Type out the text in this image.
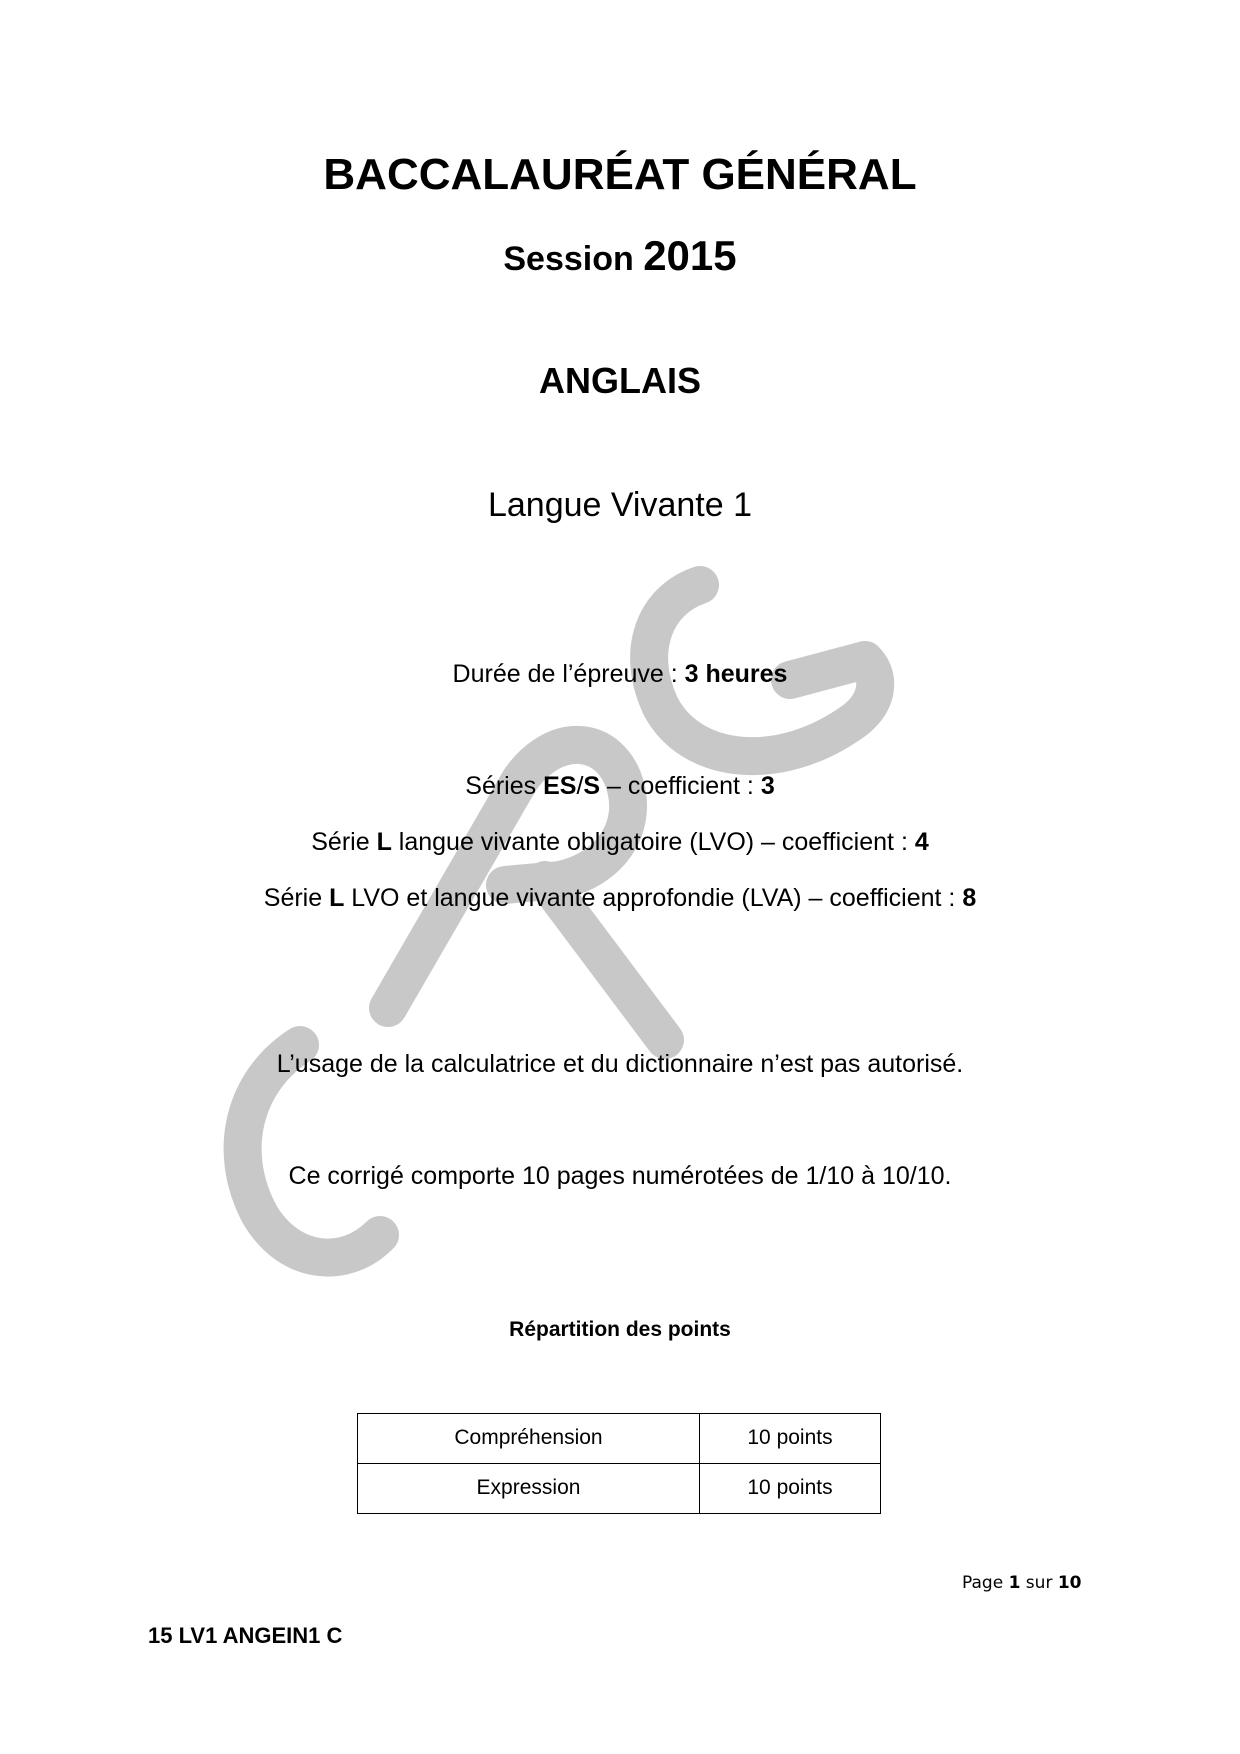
BACCALAURÉAT GÉNÉRAL
Session 2015
ANGLAIS
Langue Vivante 1
Durée de l’épreuve : 3 heures
Séries ES/S – coefficient : 3
Série L langue vivante obligatoire (LVO) – coefficient : 4
Série L LVO et langue vivante approfondie (LVA) – coefficient : 8
L’usage de la calculatrice et du dictionnaire n’est pas autorisé.
Ce corrigé comporte 10 pages numérotées de 1/10 à 10/10.
Répartition des points
Compréhension	10 points
Expression	10 points
Page 1 sur 10
15 LV1 ANGEIN1 C
